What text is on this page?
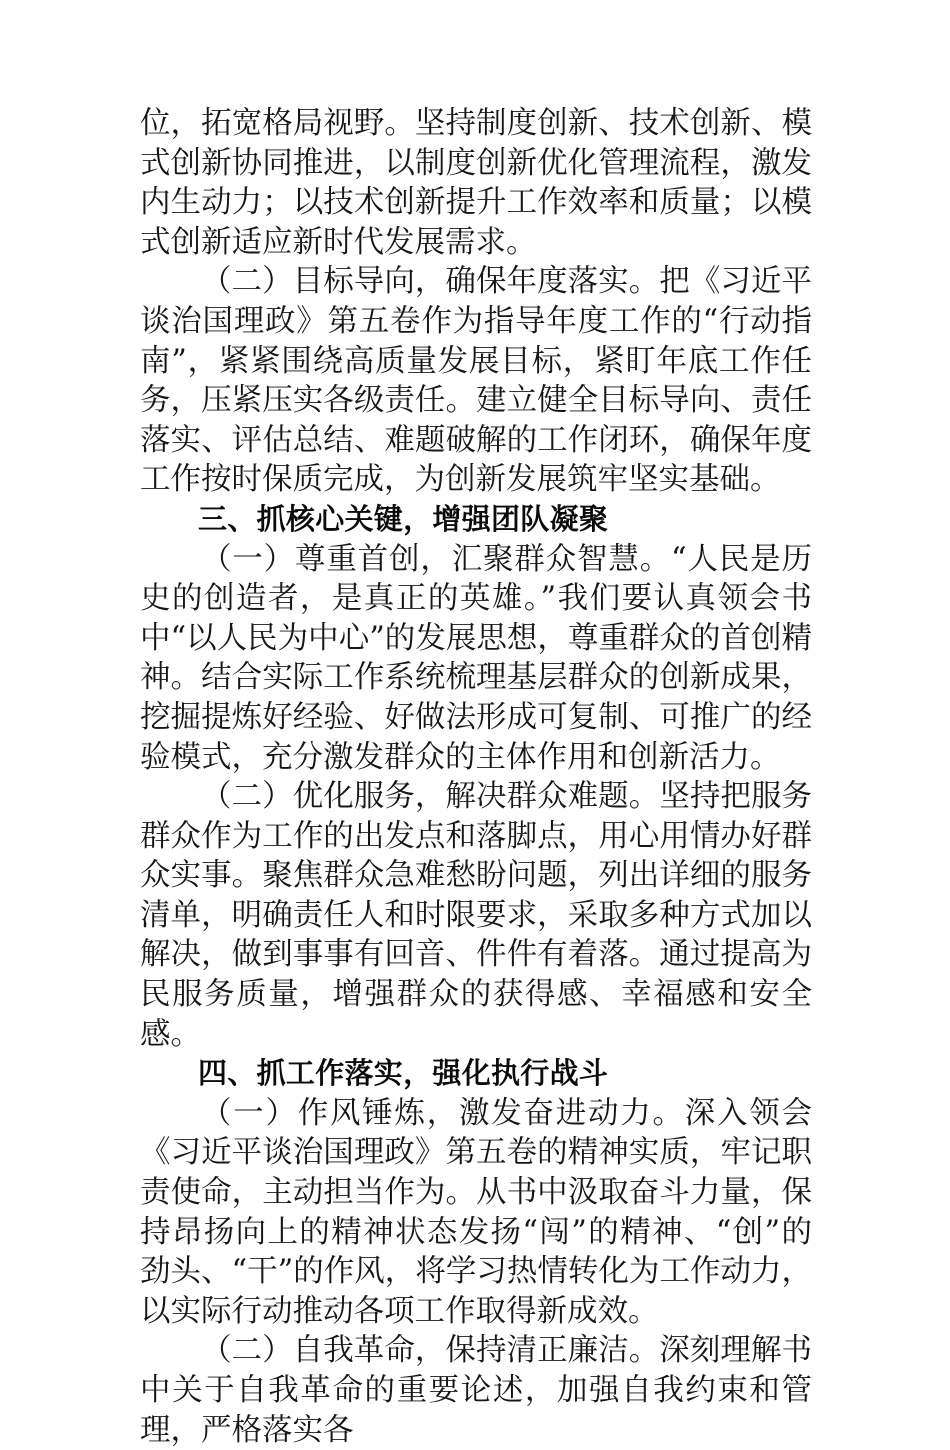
位，拓宽格局视野。坚持制度创新、技术创新、模式创新协同推进，以制度创新优化管理流程，激发内生动力；以技术创新提升工作效率和质量；以模式创新适应新时代发展需求。

（二）目标导向，确保年度落实。把《习近平谈治国理政》第五卷作为指导年度工作的“行动指南”，紧紧围绕高质量发展目标，紧盯年底工作任务，压紧压实各级责任。建立健全目标导向、责任落实、评估总结、难题破解的工作闭环，确保年度工作按时保质完成，为创新发展筑牢坚实基础。

三、抓核心关键，增强团队凝聚

（一）尊重首创，汇聚群众智慧。“人民是历史的创造者，是真正的英雄。”我们要认真领会书中“以人民为中心”的发展思想，尊重群众的首创精神。结合实际工作系统梳理基层群众的创新成果，挖掘提炼好经验、好做法形成可复制、可推广的经验模式，充分激发群众的主体作用和创新活力。

（二）优化服务，解决群众难题。坚持把服务群众作为工作的出发点和落脚点，用心用情办好群众实事。聚焦群众急难愁盼问题，列出详细的服务清单，明确责任人和时限要求，采取多种方式加以解决，做到事事有回音、件件有着落。通过提高为民服务质量，增强群众的获得感、幸福感和安全感。

四、抓工作落实，强化执行战斗

（一）作风锤炼，激发奋进动力。深入领会《习近平谈治国理政》第五卷的精神实质，牢记职责使命，主动担当作为。从书中汲取奋斗力量，保持昂扬向上的精神状态发扬“闯”的精神、“创”的劲头、“干”的作风，将学习热情转化为工作动力，以实际行动推动各项工作取得新成效。

（二）自我革命，保持清正廉洁。深刻理解书中关于自我革命的重要论述，加强自我约束和管理，严格落实各
